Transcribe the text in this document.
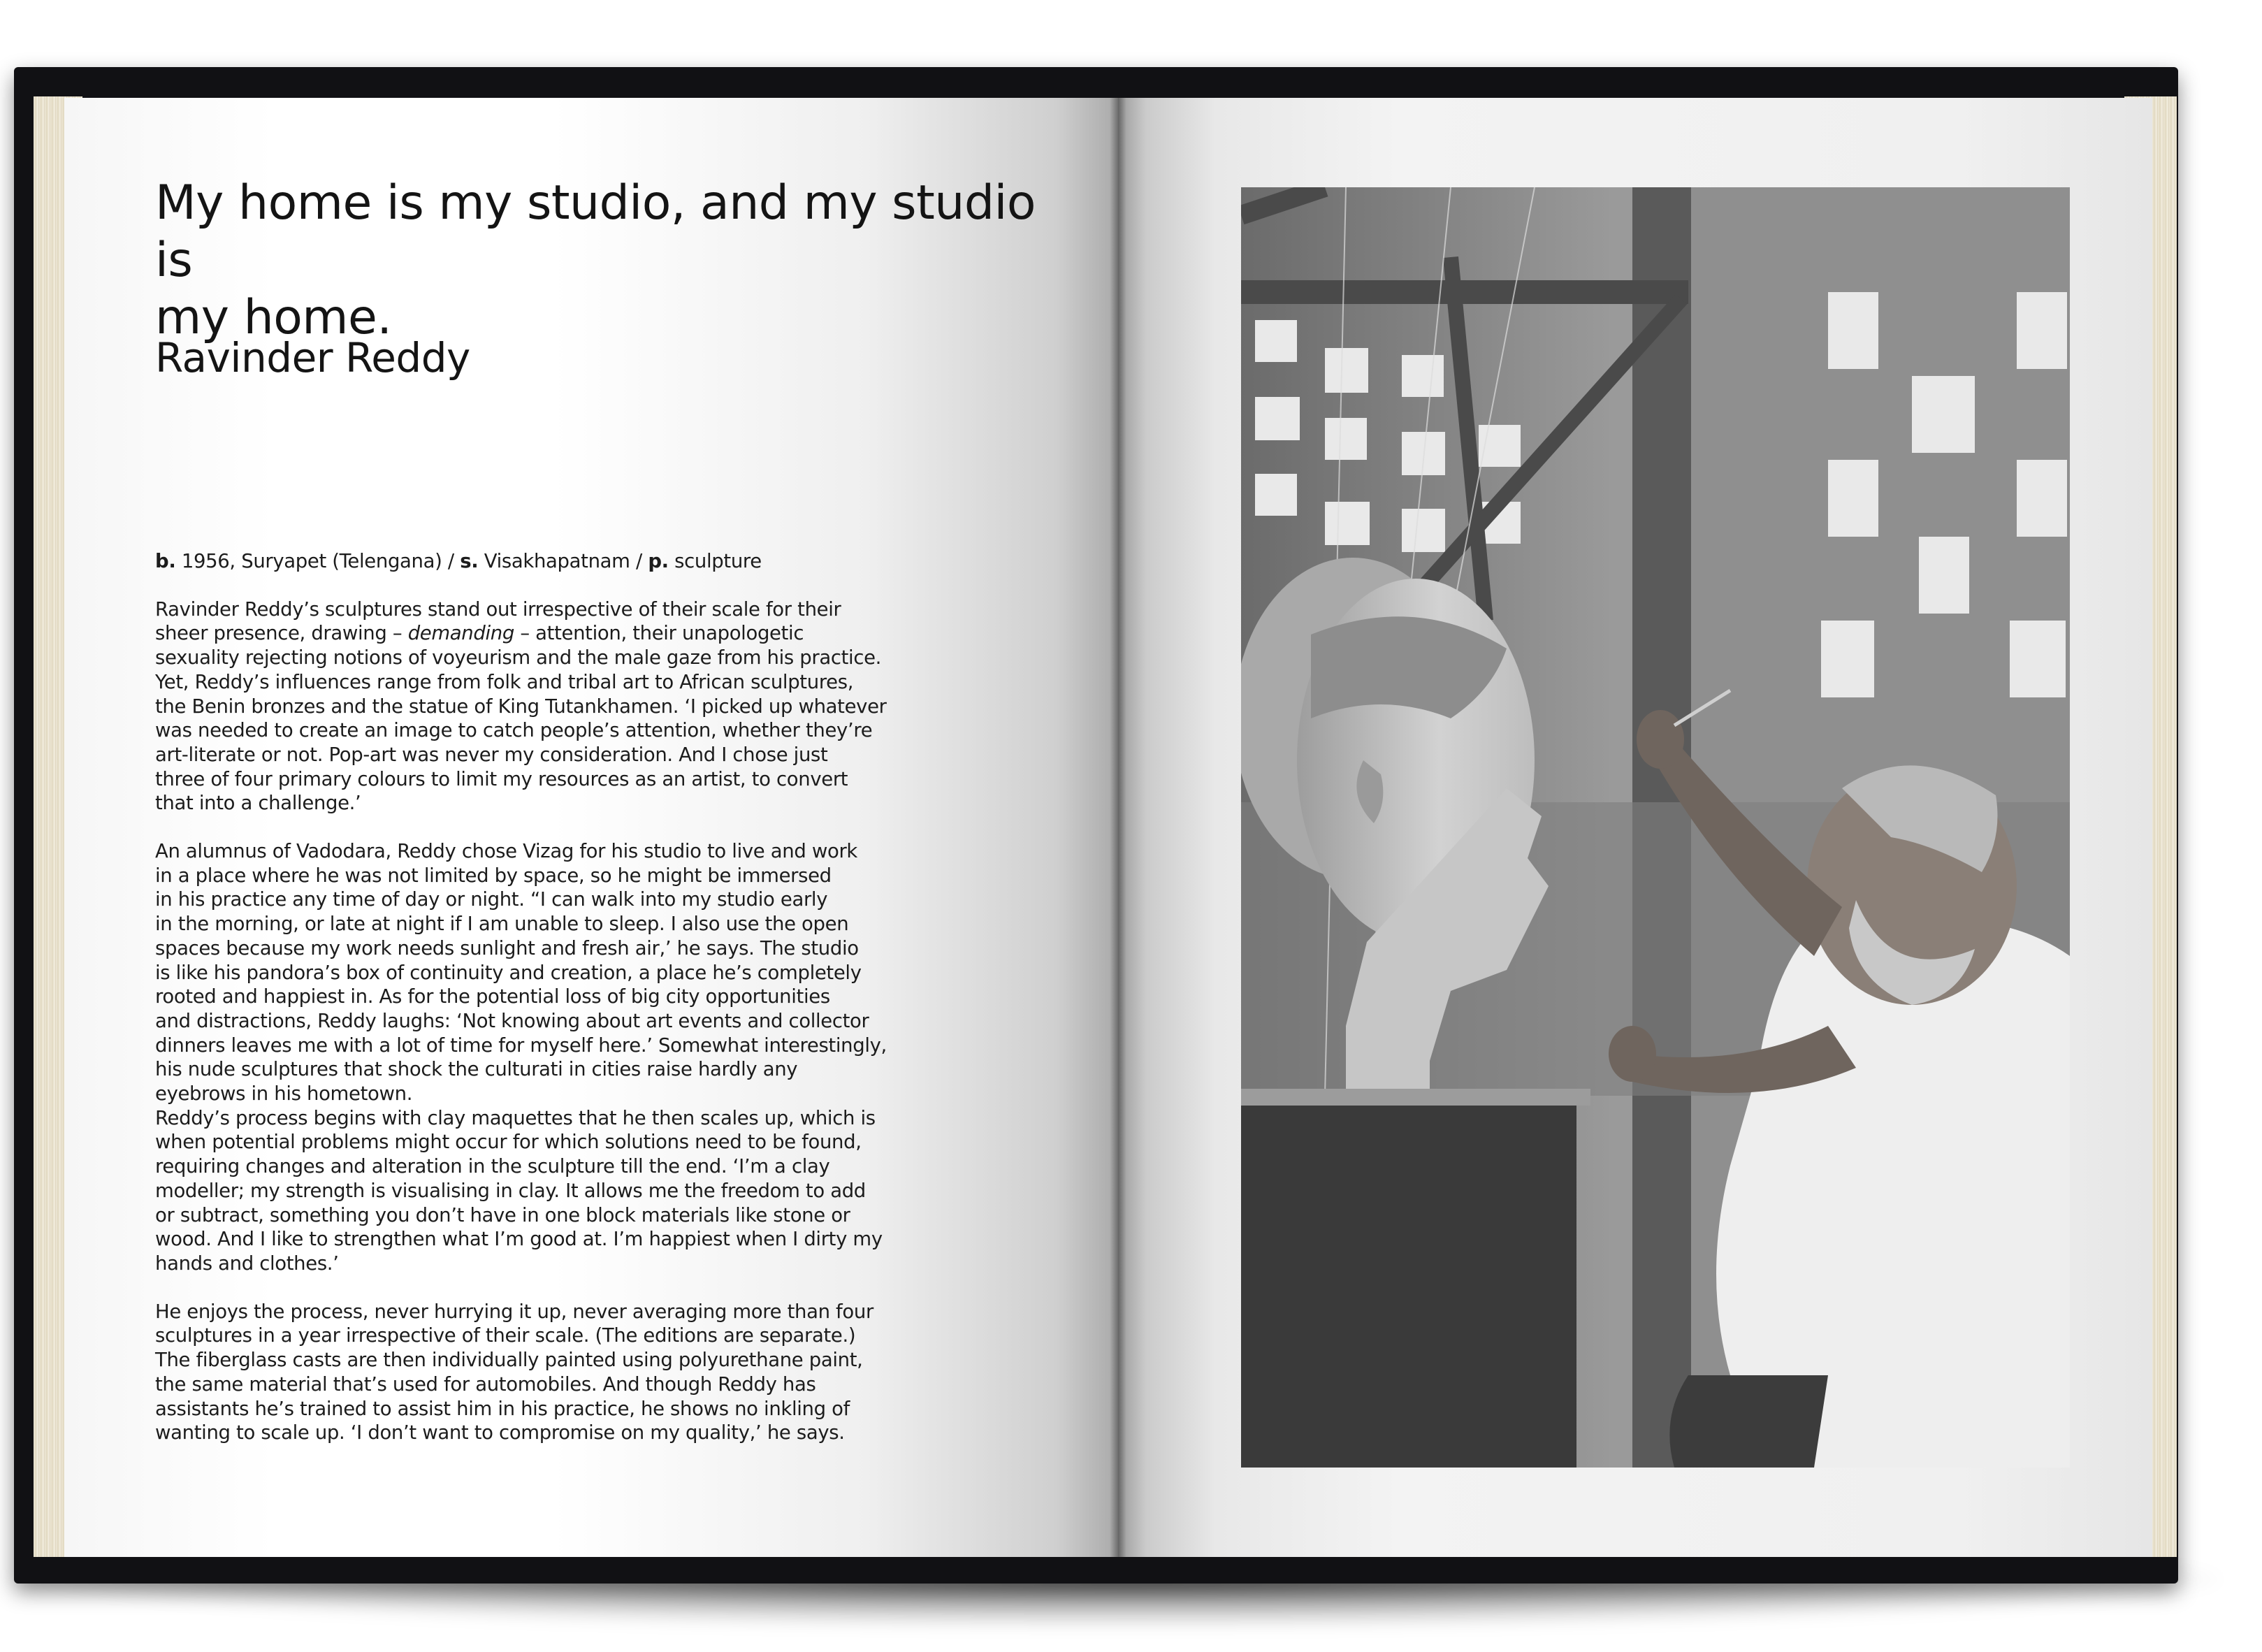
My home is my studio, and my studio is
my home.
Ravinder Reddy

b. 1956, Suryapet (Telengana) / s. Visakhapatnam / p. sculpture

Ravinder Reddy’s sculptures stand out irrespective of their scale for their
sheer presence, drawing – demanding – attention, their unapologetic
sexuality rejecting notions of voyeurism and the male gaze from his practice.
Yet, Reddy’s influences range from folk and tribal art to African sculptures,
the Benin bronzes and the statue of King Tutankhamen. ‘I picked up whatever
was needed to create an image to catch people’s attention, whether they’re
art-literate or not. Pop-art was never my consideration. And I chose just
three of four primary colours to limit my resources as an artist, to convert
that into a challenge.’

An alumnus of Vadodara, Reddy chose Vizag for his studio to live and work
in a place where he was not limited by space, so he might be immersed
in his practice any time of day or night. “I can walk into my studio early
in the morning, or late at night if I am unable to sleep. I also use the open
spaces because my work needs sunlight and fresh air,’ he says. The studio
is like his pandora’s box of continuity and creation, a place he’s completely
rooted and happiest in. As for the potential loss of big city opportunities
and distractions, Reddy laughs: ‘Not knowing about art events and collector
dinners leaves me with a lot of time for myself here.’ Somewhat interestingly,
his nude sculptures that shock the culturati in cities raise hardly any
eyebrows in his hometown.
Reddy’s process begins with clay maquettes that he then scales up, which is
when potential problems might occur for which solutions need to be found,
requiring changes and alteration in the sculpture till the end. ‘I’m a clay
modeller; my strength is visualising in clay. It allows me the freedom to add
or subtract, something you don’t have in one block materials like stone or
wood. And I like to strengthen what I’m good at. I’m happiest when I dirty my
hands and clothes.’

He enjoys the process, never hurrying it up, never averaging more than four
sculptures in a year irrespective of their scale. (The editions are separate.)
The fiberglass casts are then individually painted using polyurethane paint,
the same material that’s used for automobiles. And though Reddy has
assistants he’s trained to assist him in his practice, he shows no inkling of
wanting to scale up. ‘I don’t want to compromise on my quality,’ he says.
